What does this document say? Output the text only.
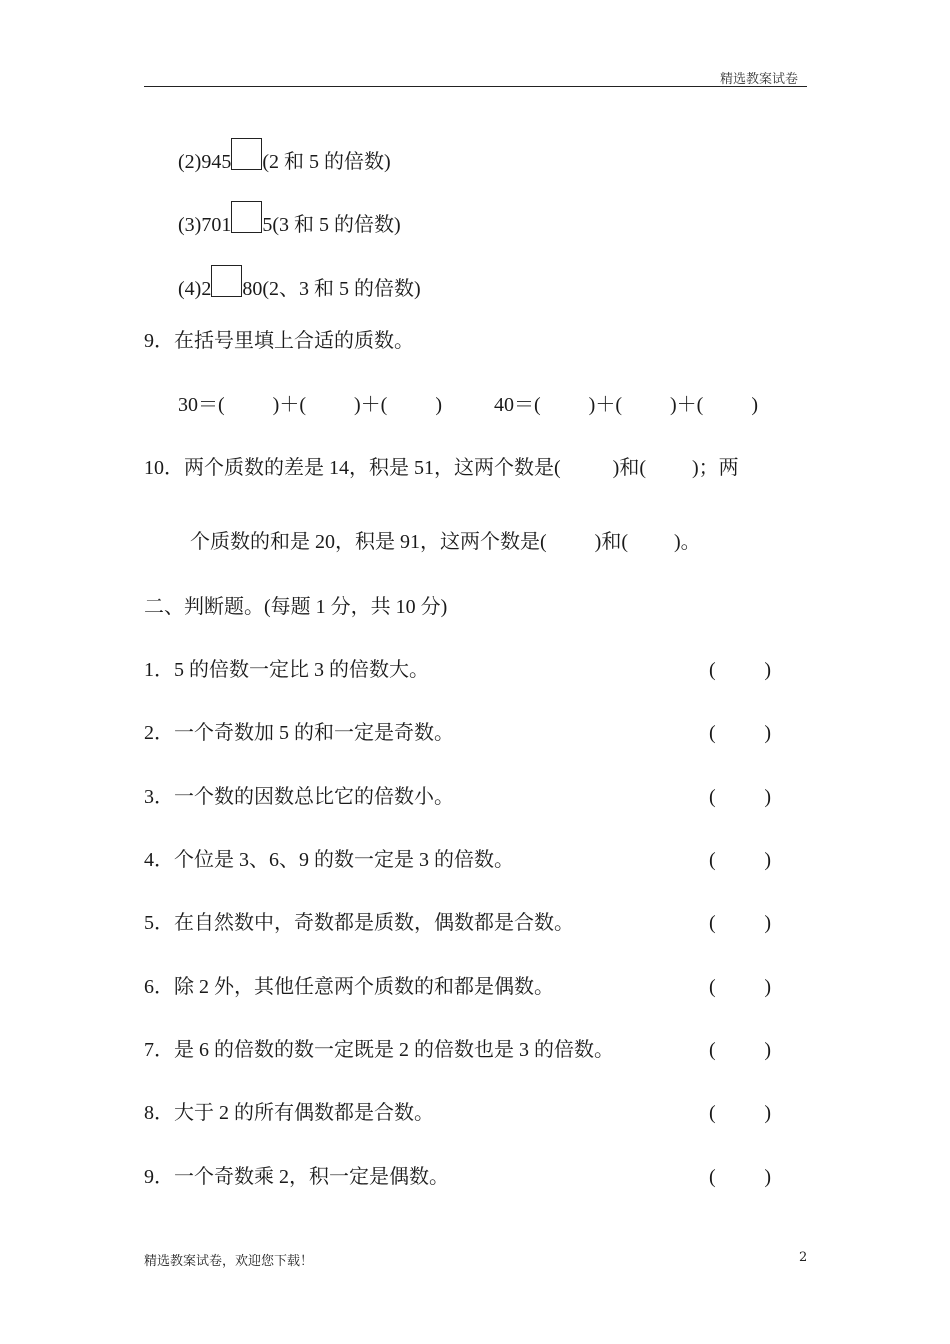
精选教案试卷
(2)945 (2 和 5 的倍数)
(3)701 5(3 和 5 的倍数)
(4)2 80(2、3 和 5 的倍数)
9．在括号里填上合适的质数。
30＝( )＋( )＋( )	40＝( )＋( )＋( )
10．两个质数的差是 14，积是 51，这两个数是(	)和( )；两
个质数的和是 20，积是 91，这两个数是( )和( )。
二、判断题。(每题 1 分，共 10 分)
1．5 的倍数一定比 3 的倍数大。	( )
2．一个奇数加 5 的和一定是奇数。	( )
3．一个数的因数总比它的倍数小。	( )
4．个位是 3、6、9 的数一定是 3 的倍数。	( )
5．在自然数中，奇数都是质数，偶数都是合数。	( )
6．除 2 外，其他任意两个质数的和都是偶数。	( )
7．是 6 的倍数的数一定既是 2 的倍数也是 3 的倍数。	( )
8．大于 2 的所有偶数都是合数。	( )
9．一个奇数乘 2，积一定是偶数。	( )
精选教案试卷，欢迎您下载！	2
